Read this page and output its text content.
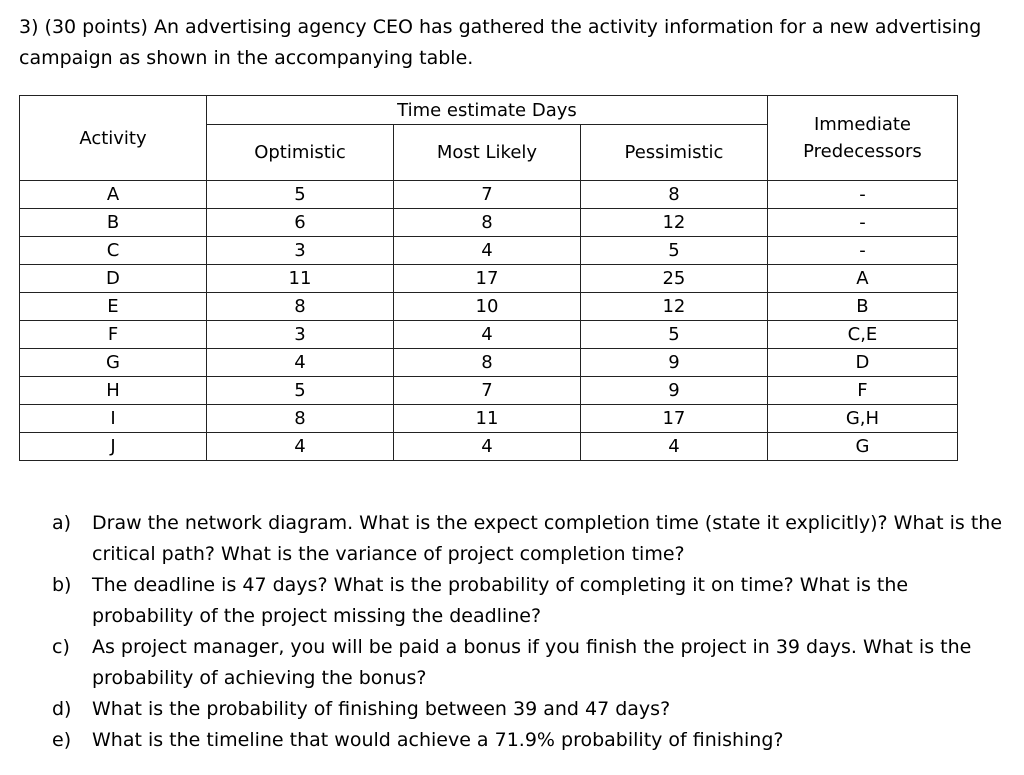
3) (30 points) An advertising agency CEO has gathered the activity information for a new advertising campaign as shown in the accompanying table.

Activity	Time estimate Days			Immediate Predecessors
	Optimistic	Most Likely	Pessimistic	
A	5	7	8	-
B	6	8	12	-
C	3	4	5	-
D	11	17	25	A
E	8	10	12	B
F	3	4	5	C,E
G	4	8	9	D
H	5	7	9	F
I	8	11	17	G,H
J	4	4	4	G
a) Draw the network diagram. What is the expect completion time (state it explicitly)? What is the critical path? What is the variance of project completion time?
b) The deadline is 47 days? What is the probability of completing it on time? What is the probability of the project missing the deadline?
c) As project manager, you will be paid a bonus if you finish the project in 39 days. What is the probability of achieving the bonus?
d) What is the probability of finishing between 39 and 47 days?
e) What is the timeline that would achieve a 71.9% probability of finishing?
